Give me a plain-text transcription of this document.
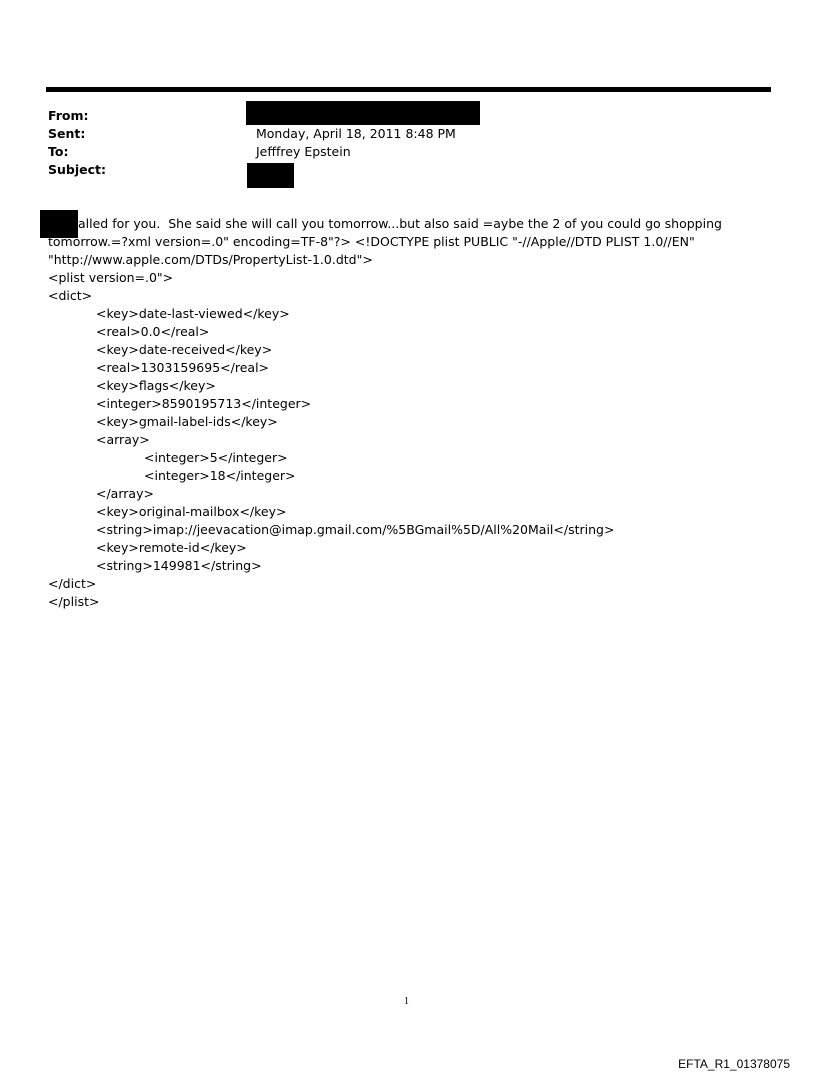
From:
Sent:	Monday, April 18, 2011 8:48 PM
To:	Jefffrey Epstein
Subject:
alled for you.  She said she will call you tomorrow...but also said =aybe the 2 of you could go shopping
tomorrow.=?xml version=.0" encoding=TF-8"?> <!DOCTYPE plist PUBLIC "-//Apple//DTD PLIST 1.0//EN"
"http://www.apple.com/DTDs/PropertyList-1.0.dtd">
<plist version=.0">
<dict>
<key>date-last-viewed</key>
<real>0.0</real>
<key>date-received</key>
<real>1303159695</real>
<key>flags</key>
<integer>8590195713</integer>
<key>gmail-label-ids</key>
<array>
<integer>5</integer>
<integer>18</integer>
</array>
<key>original-mailbox</key>
<string>imap://jeevacation@imap.gmail.com/%5BGmail%5D/All%20Mail</string>
<key>remote-id</key>
<string>149981</string>
</dict>
</plist>
1
EFTA_R1_01378075
